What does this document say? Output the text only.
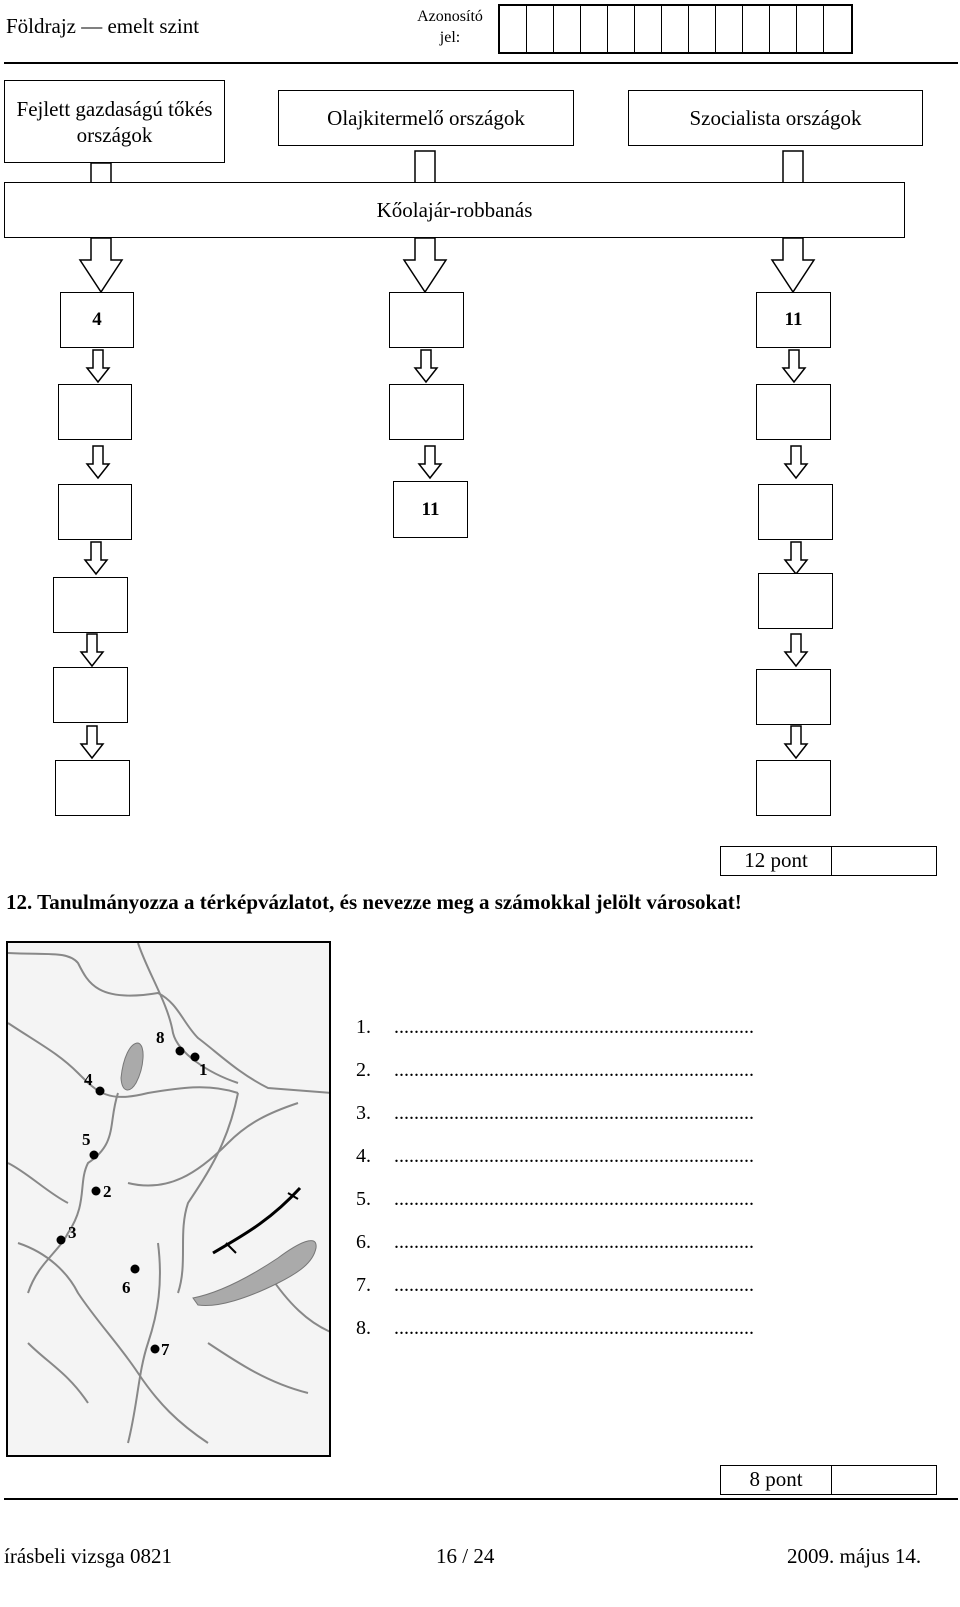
Földrajz — emelt szint	Azonosító jel:
Fejlett gazdaságú tőkés országok
Olajkitermelő országok	Szocialista országok
Kőolajár-robbanás
4
11
11
12 pont
12. Tanulmányozza a térképvázlatot, és nevezze meg a számokkal jelölt városokat!
1
2
3
4
5
6
7
8	1.	........................................................................
2.	........................................................................
3.	........................................................................
4.	........................................................................
5.	........................................................................
6.	........................................................................
7.	........................................................................
8.	........................................................................
8 pont
írásbeli vizsga 0821	16 / 24	2009. május 14.
